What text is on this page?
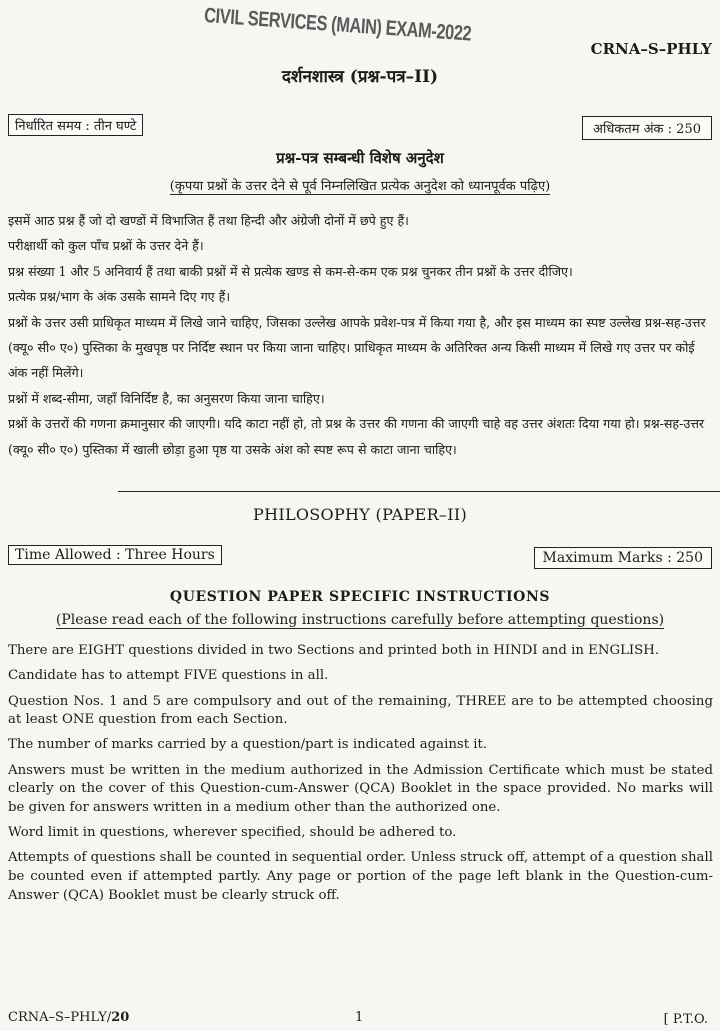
CIVIL SERVICES (MAIN) EXAM-2022
CRNA–S–PHLY
दर्शनशास्त्र (प्रश्न-पत्र–II)
निर्धारित समय : तीन घण्टे	अधिकतम अंक : 250
प्रश्न-पत्र सम्बन्धी विशेष अनुदेश
(कृपया प्रश्नों के उत्तर देने से पूर्व निम्नलिखित प्रत्येक अनुदेश को ध्यानपूर्वक पढ़िए)

इसमें आठ प्रश्न हैं जो दो खण्डों में विभाजित हैं तथा हिन्दी और अंग्रेजी दोनों में छपे हुए हैं।

परीक्षार्थी को कुल पाँच प्रश्नों के उत्तर देने हैं।

प्रश्न संख्या 1 और 5 अनिवार्य हैं तथा बाकी प्रश्नों में से प्रत्येक खण्ड से कम-से-कम एक प्रश्न चुनकर तीन प्रश्नों के उत्तर दीजिए।

प्रत्येक प्रश्न/भाग के अंक उसके सामने दिए गए हैं।

प्रश्नों के उत्तर उसी प्राधिकृत माध्यम में लिखे जाने चाहिए, जिसका उल्लेख आपके प्रवेश-पत्र में किया गया है, और इस माध्यम का स्पष्ट उल्लेख प्रश्न-सह-उत्तर (क्यू० सी० ए०) पुस्तिका के मुखपृष्ठ पर निर्दिष्ट स्थान पर किया जाना चाहिए। प्राधिकृत माध्यम के अतिरिक्त अन्य किसी माध्यम में लिखे गए उत्तर पर कोई अंक नहीं मिलेंगे।

प्रश्नों में शब्द-सीमा, जहाँ विनिर्दिष्ट है, का अनुसरण किया जाना चाहिए।

प्रश्नों के उत्तरों की गणना क्रमानुसार की जाएगी। यदि काटा नहीं हो, तो प्रश्न के उत्तर की गणना की जाएगी चाहे वह उत्तर अंशतः दिया गया हो। प्रश्न-सह-उत्तर (क्यू० सी० ए०) पुस्तिका में खाली छोड़ा हुआ पृष्ठ या उसके अंश को स्पष्ट रूप से काटा जाना चाहिए।

PHILOSOPHY (PAPER–II)
Time Allowed : Three Hours	Maximum Marks : 250
QUESTION PAPER SPECIFIC INSTRUCTIONS
(Please read each of the following instructions carefully before attempting questions)

There are EIGHT questions divided in two Sections and printed both in HINDI and in ENGLISH.

Candidate has to attempt FIVE questions in all.

Question Nos. 1 and 5 are compulsory and out of the remaining, THREE are to be attempted choosing at least ONE question from each Section.

The number of marks carried by a question/part is indicated against it.

Answers must be written in the medium authorized in the Admission Certificate which must be stated clearly on the cover of this Question-cum-Answer (QCA) Booklet in the space provided. No marks will be given for answers written in a medium other than the authorized one.

Word limit in questions, wherever specified, should be adhered to.

Attempts of questions shall be counted in sequential order. Unless struck off, attempt of a question shall be counted even if attempted partly. Any page or portion of the page left blank in the Question-cum-Answer (QCA) Booklet must be clearly struck off.

CRNA–S–PHLY/20	1	[ P.T.O.
